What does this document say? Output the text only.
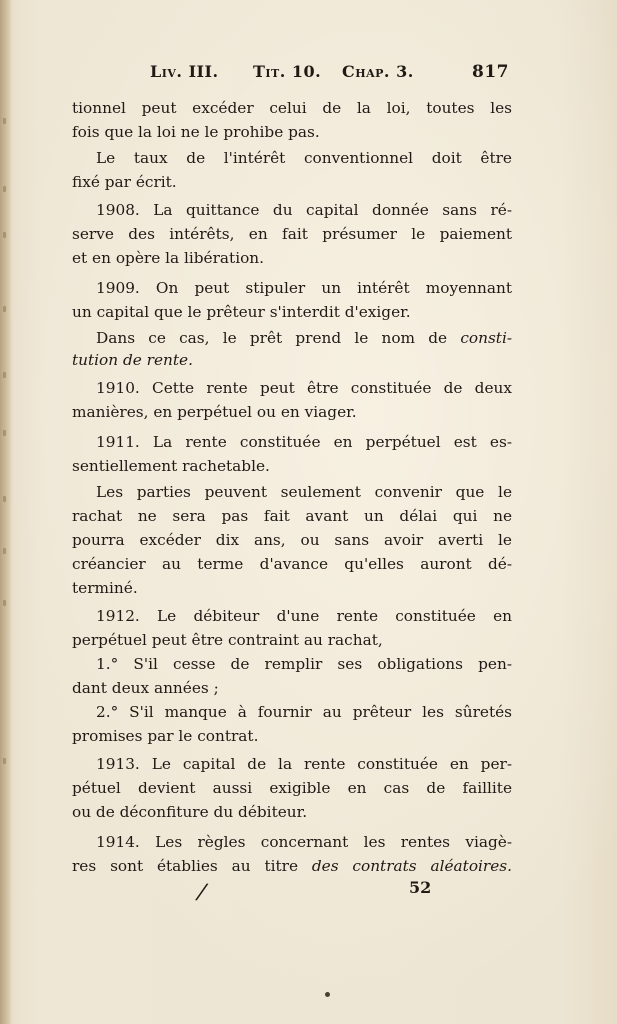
Liv. III. Tit. 10. Chap. 3.	817
tionnel peut excéder celui de la loi, toutes les
fois que la loi ne le prohibe pas.
Le taux de l'intérêt conventionnel doit être
fixé par écrit.
1908. La quittance du capital donnée sans ré-
serve des intérêts, en fait présumer le paiement
et en opère la libération.
1909. On peut stipuler un intérêt moyennant
un capital que le prêteur s'interdit d'exiger.
Dans ce cas, le prêt prend le nom de consti-
tution de rente.
1910. Cette rente peut être constituée de deux
manières, en perpétuel ou en viager.
1911. La rente constituée en perpétuel est es-
sentiellement rachetable.
Les parties peuvent seulement convenir que le
rachat ne sera pas fait avant un délai qui ne
pourra excéder dix ans, ou sans avoir averti le
créancier au terme d'avance qu'elles auront dé-
terminé.
1912. Le débiteur d'une rente constituée en
perpétuel peut être contraint au rachat,
1.° S'il cesse de remplir ses obligations pen-
dant deux années ;
2.° S'il manque à fournir au prêteur les sûretés
promises par le contrat.
1913. Le capital de la rente constituée en per-
pétuel devient aussi exigible en cas de faillite
ou de déconfiture du débiteur.
1914. Les règles concernant les rentes viagè-
res sont établies au titre des contrats aléatoires.
/	52
